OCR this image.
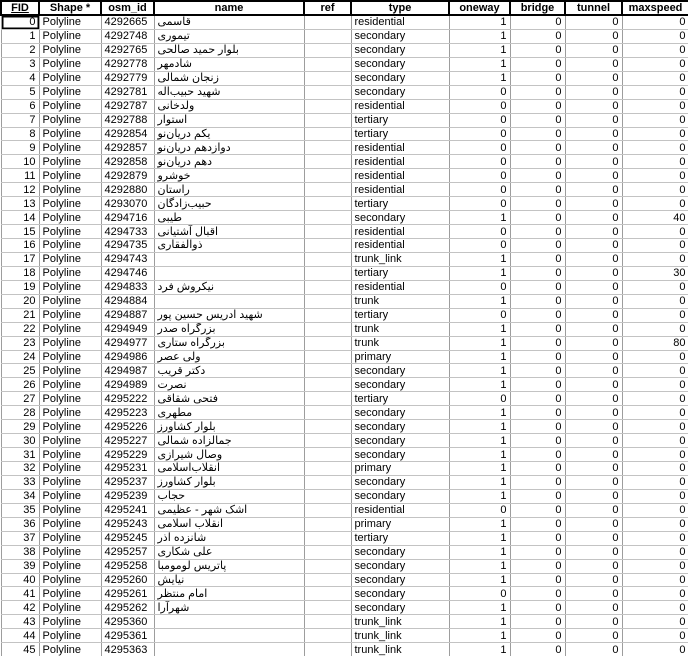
FID	Shape *	osm_id	name	ref	type	oneway	bridge	tunnel	maxspeed
0	Polyline	4292665	قاسمی		residential	1	0	0	0
1	Polyline	4292748	تیموری		secondary	1	0	0	0
2	Polyline	4292765	بلوار حمید صالحی		secondary	1	0	0	0
3	Polyline	4292778	شادمهر		secondary	1	0	0	0
4	Polyline	4292779	زنجان شمالی		secondary	1	0	0	0
5	Polyline	4292781	شهید حبیب‌اله		secondary	0	0	0	0
6	Polyline	4292787	ولدخانی		residential	0	0	0	0
7	Polyline	4292788	استوار		tertiary	0	0	0	0
8	Polyline	4292854	یکم دریان‌نو		tertiary	0	0	0	0
9	Polyline	4292857	دوازدهم دریان‌نو		residential	0	0	0	0
10	Polyline	4292858	دهم دریان‌نو		residential	0	0	0	0
11	Polyline	4292879	خوشرو		residential	0	0	0	0
12	Polyline	4292880	راستان		residential	0	0	0	0
13	Polyline	4293070	حبیب‌زادگان		tertiary	0	0	0	0
14	Polyline	4294716	طیبی		secondary	1	0	0	40
15	Polyline	4294733	اقبال آشتیانی		residential	0	0	0	0
16	Polyline	4294735	ذوالفقاری		residential	0	0	0	0
17	Polyline	4294743			trunk_link	1	0	0	0
18	Polyline	4294746			tertiary	1	0	0	30
19	Polyline	4294833	نیکروش فرد		residential	0	0	0	0
20	Polyline	4294884			trunk	1	0	0	0
21	Polyline	4294887	شهید ادریس حسین پور		tertiary	0	0	0	0
22	Polyline	4294949	بزرگراه صدر		trunk	1	0	0	0
23	Polyline	4294977	بزرگراه ستاری		trunk	1	0	0	80
24	Polyline	4294986	ولی عصر		primary	1	0	0	0
25	Polyline	4294987	دکتر قریب		secondary	1	0	0	0
26	Polyline	4294989	نصرت		secondary	1	0	0	0
27	Polyline	4295222	فتحی شقاقی		tertiary	0	0	0	0
28	Polyline	4295223	مطهری		secondary	1	0	0	0
29	Polyline	4295226	بلوار کشاورز		secondary	1	0	0	0
30	Polyline	4295227	جمالزاده شمالی		secondary	1	0	0	0
31	Polyline	4295229	وصال شیرازی		secondary	1	0	0	0
32	Polyline	4295231	انقلاب‌اسلامی		primary	1	0	0	0
33	Polyline	4295237	بلوار کشاورز		secondary	1	0	0	0
34	Polyline	4295239	حجاب		secondary	1	0	0	0
35	Polyline	4295241	اشک شهر - عظیمی		residential	0	0	0	0
36	Polyline	4295243	انقلاب اسلامی		primary	1	0	0	0
37	Polyline	4295245	شانزده آذر		tertiary	1	0	0	0
38	Polyline	4295257	علی شکاری		secondary	1	0	0	0
39	Polyline	4295258	پاتریس لومومبا		secondary	1	0	0	0
40	Polyline	4295260	نیایش		secondary	1	0	0	0
41	Polyline	4295261	امام منتظر		secondary	0	0	0	0
42	Polyline	4295262	شهرآرا		secondary	1	0	0	0
43	Polyline	4295360			trunk_link	1	0	0	0
44	Polyline	4295361			trunk_link	1	0	0	0
45	Polyline	4295363			trunk_link	1	0	0	0
